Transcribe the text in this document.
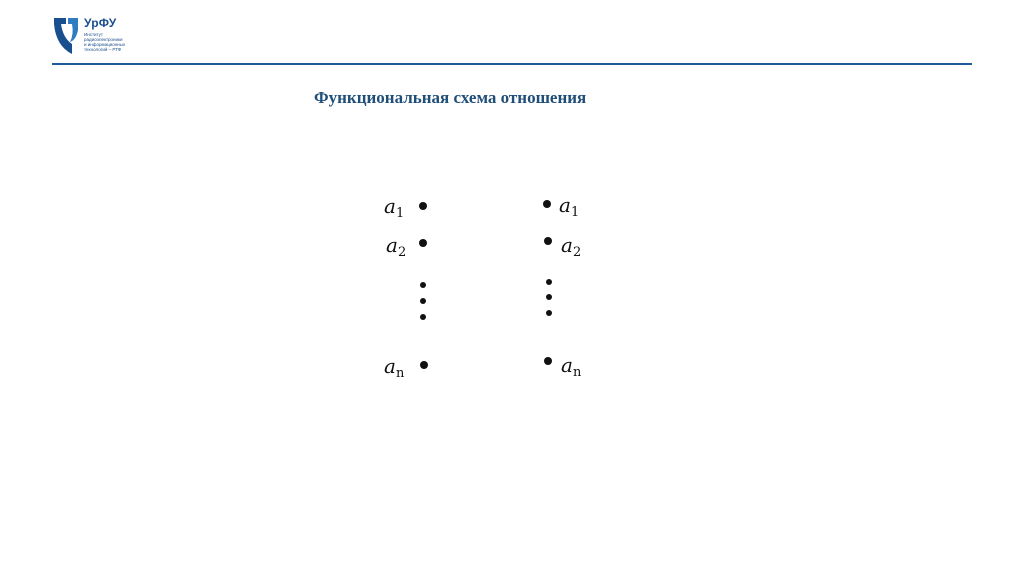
УрФУ
Институт
радиоэлектроники
и информационных
технологий – РТФ
Функциональная схема отношения
$a_1$
$a_2$
$a_n$
$a_1$
$a_2$
$a_n$
